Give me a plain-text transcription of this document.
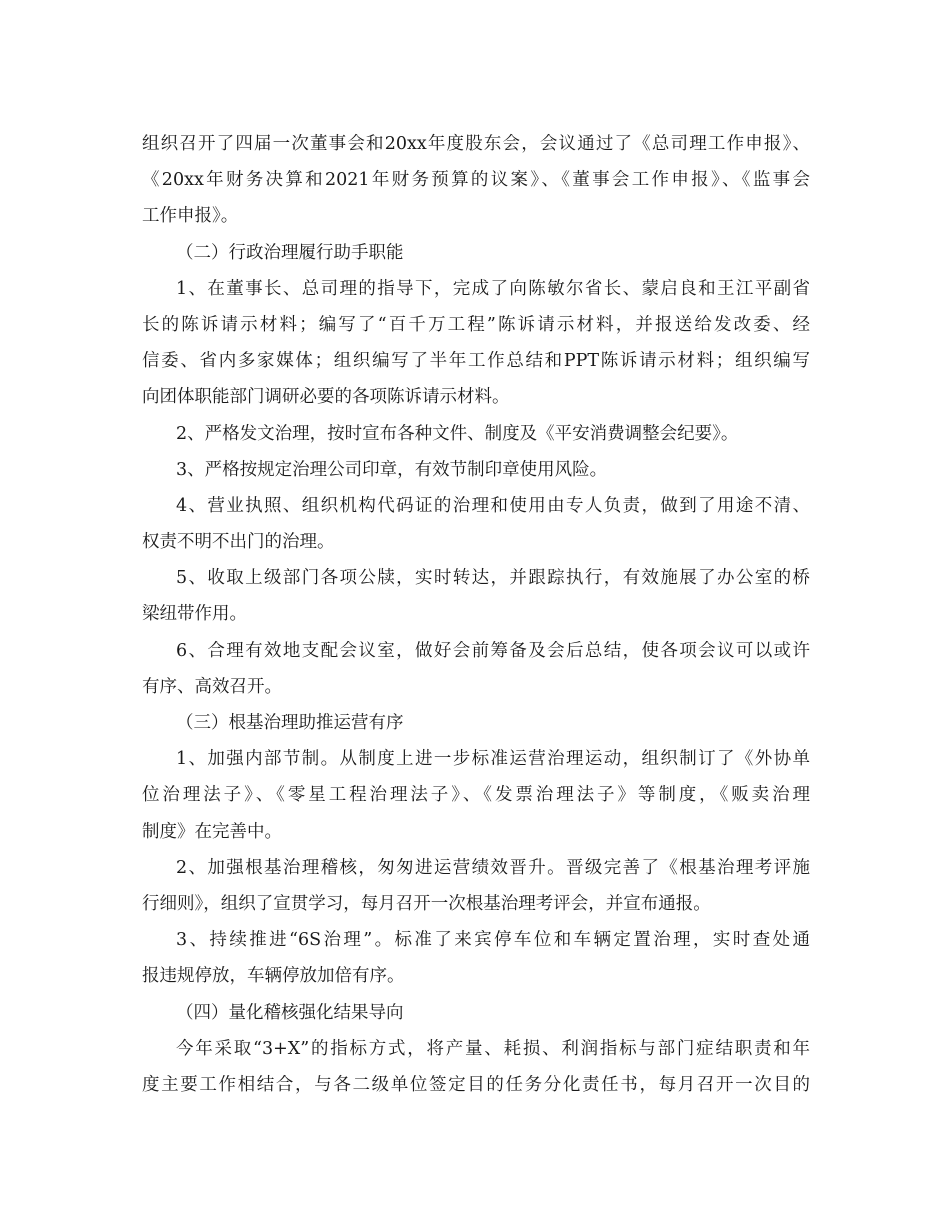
组织召开了四届一次董事会和20xx年度股东会，会议通过了《总司理工作申报》、
《20xx年财务决算和2021年财务预算的议案》、《董事会工作申报》、《监事会
工作申报》。
（二）行政治理履行助手职能
1、在董事长、总司理的指导下，完成了向陈敏尔省长、蒙启良和王江平副省
长的陈诉请示材料；编写了“百千万工程”陈诉请示材料，并报送给发改委、经
信委、省内多家媒体；组织编写了半年工作总结和PPT陈诉请示材料；组织编写
向团体职能部门调研必要的各项陈诉请示材料。
2、严格发文治理，按时宣布各种文件、制度及《平安消费调整会纪要》。
3、严格按规定治理公司印章，有效节制印章使用风险。
4、营业执照、组织机构代码证的治理和使用由专人负责，做到了用途不清、
权责不明不出门的治理。
5、收取上级部门各项公牍，实时转达，并跟踪执行，有效施展了办公室的桥
梁纽带作用。
6、合理有效地支配会议室，做好会前筹备及会后总结，使各项会议可以或许
有序、高效召开。
（三）根基治理助推运营有序
1、加强内部节制。从制度上进一步标准运营治理运动，组织制订了《外协单
位治理法子》、《零星工程治理法子》、《发票治理法子》等制度，《贩卖治理
制度》在完善中。
2、加强根基治理稽核，匆匆进运营绩效晋升。晋级完善了《根基治理考评施
行细则》，组织了宣贯学习，每月召开一次根基治理考评会，并宣布通报。
3、持续推进“6S治理”。标准了来宾停车位和车辆定置治理，实时查处通
报违规停放，车辆停放加倍有序。
（四）量化稽核强化结果导向
今年采取“3+X”的指标方式，将产量、耗损、利润指标与部门症结职责和年
度主要工作相结合，与各二级单位签定目的任务分化责任书，每月召开一次目的
